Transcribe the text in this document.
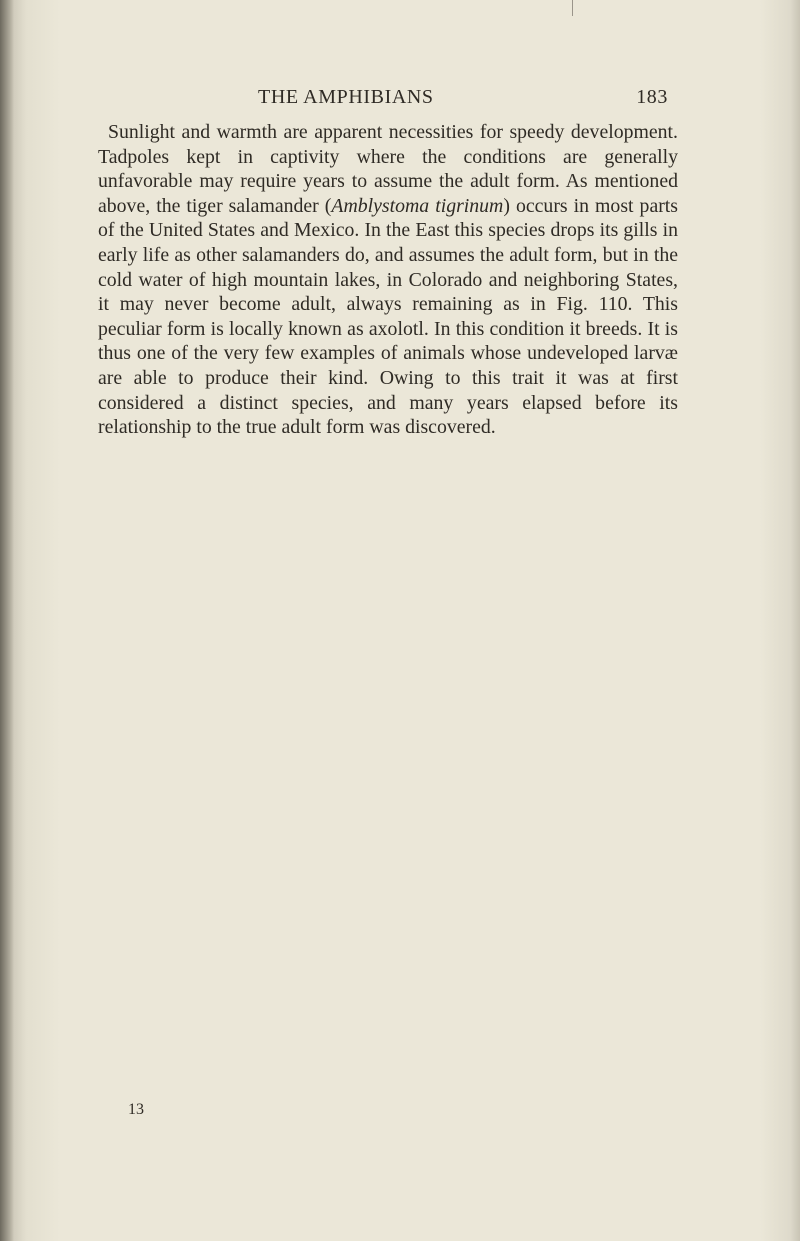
THE AMPHIBIANS	183

Sunlight and warmth are apparent necessities for speedy development. Tadpoles kept in captivity where the conditions are generally unfavorable may require years to assume the adult form. As mentioned above, the tiger salamander (Amblystoma tigrinum) occurs in most parts of the United States and Mexico. In the East this species drops its gills in early life as other salamanders do, and assumes the adult form, but in the cold water of high mountain lakes, in Colorado and neighboring States, it may never become adult, always remaining as in Fig. 110. This peculiar form is locally known as axolotl. In this condition it breeds. It is thus one of the very few examples of animals whose undeveloped larvæ are able to produce their kind. Owing to this trait it was at first considered a distinct species, and many years elapsed before its relationship to the true adult form was discovered.

13
